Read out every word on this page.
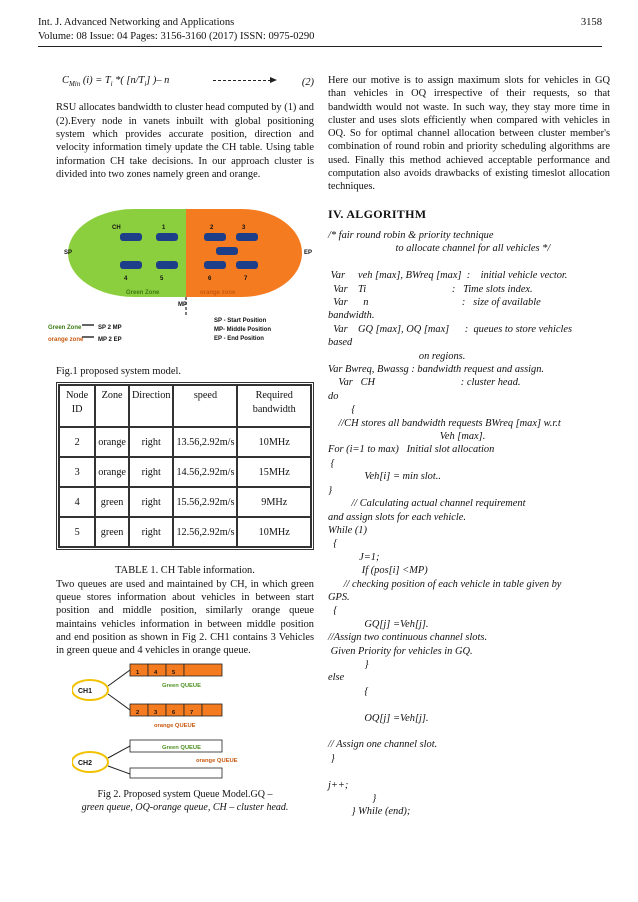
Int. J. Advanced Networking and Applications
Volume: 08 Issue: 04 Pages: 3156-3160 (2017) ISSN: 0975-0290
3158
$C_{Min}$ $(i) = T_i$ *( $[n/T_i]$ )– n	(2)

RSU allocates bandwidth to cluster head computed by (1) and (2).Every node in vanets inbuilt with global positioning system which provides accurate position, direction and velocity information timely update the CH table. Using table information CH take decisions. In our approach cluster is divided into two zones namely green and orange.

CH	1	2	3
4	5	6	7
SP	EP
MP
Green Zone	orange zone
Green Zone	SP 2 MP
orange zone MP 2 EP
SP - Start Position
MP- Middle Position
EP - End Position

Fig.1 proposed system model.

Node ID	Zone	Direction	speed	Required bandwidth
2	orange	right	13.56,2.92m/s	10MHz
3	orange	right	14.56,2.92m/s	15MHz
4	green	right	15.56,2.92m/s	9MHz
5	green	right	12.56,2.92m/s	10MHz

TABLE 1. CH Table information.

Two queues are used and maintained by CH, in which green queue stores information about vehicles in between start position and middle position, similarly orange queue maintains vehicles information in between middle position and end position as shown in Fig 2. CH1 contains 3 Vehicles in green queue and 4 vehicles in orange queue.

CH1
CH2
1	4	5
Green QUEUE
2	3	6	7
orange QUEUE
Green QUEUE
orange QUEUE
Fig 2. Proposed system Queue Model.GQ –
green queue, OQ-orange queue, CH – cluster head.

Here our motive is to assign maximum slots for vehicles in GQ than vehicles in OQ irrespective of their requests, so that bandwidth would not waste. In such way, they stay more time in cluster and uses slots efficiently when compared with vehicles in OQ. So for optimal channel allocation between cluster member's combination of round robin and priority scheduling algorithms are used. Finally this method achieved acceptable performance and computation also avoids drawbacks of existing timeslot allocation techniques.

IV. ALGORITHM
/* fair round robin & priority technique
to allocate channel for all vehicles */

Var     veh [max], BWreq [max]  :    initial vehicle vector.
Var    Ti                                 :   Time slots index.
Var      n                                    :   size of available
bandwidth.
Var    GQ [max], OQ [max]      :  queues to store vehicles
based
on regions.
Var Bwreq, Bwassg : bandwidth request and assign.
Var   CH                                 : cluster head.
do
{
//CH stores all bandwidth requests BWreq [max] w.r.t
Veh [max].
For (i=1 to max)   Initial slot allocation
{
Veh[i] = min slot..
}
// Calculating actual channel requirement
and assign slots for each vehicle.
While (1)
{
J=1;
If (pos[i] <MP)
// checking position of each vehicle in table given by
GPS.
{
GQ[j] =Veh[j].
//Assign two continuous channel slots.
Given Priority for vehicles in GQ.
}
else
{

OQ[j] =Veh[j].

// Assign one channel slot.
}

j++;
}
} While (end);
